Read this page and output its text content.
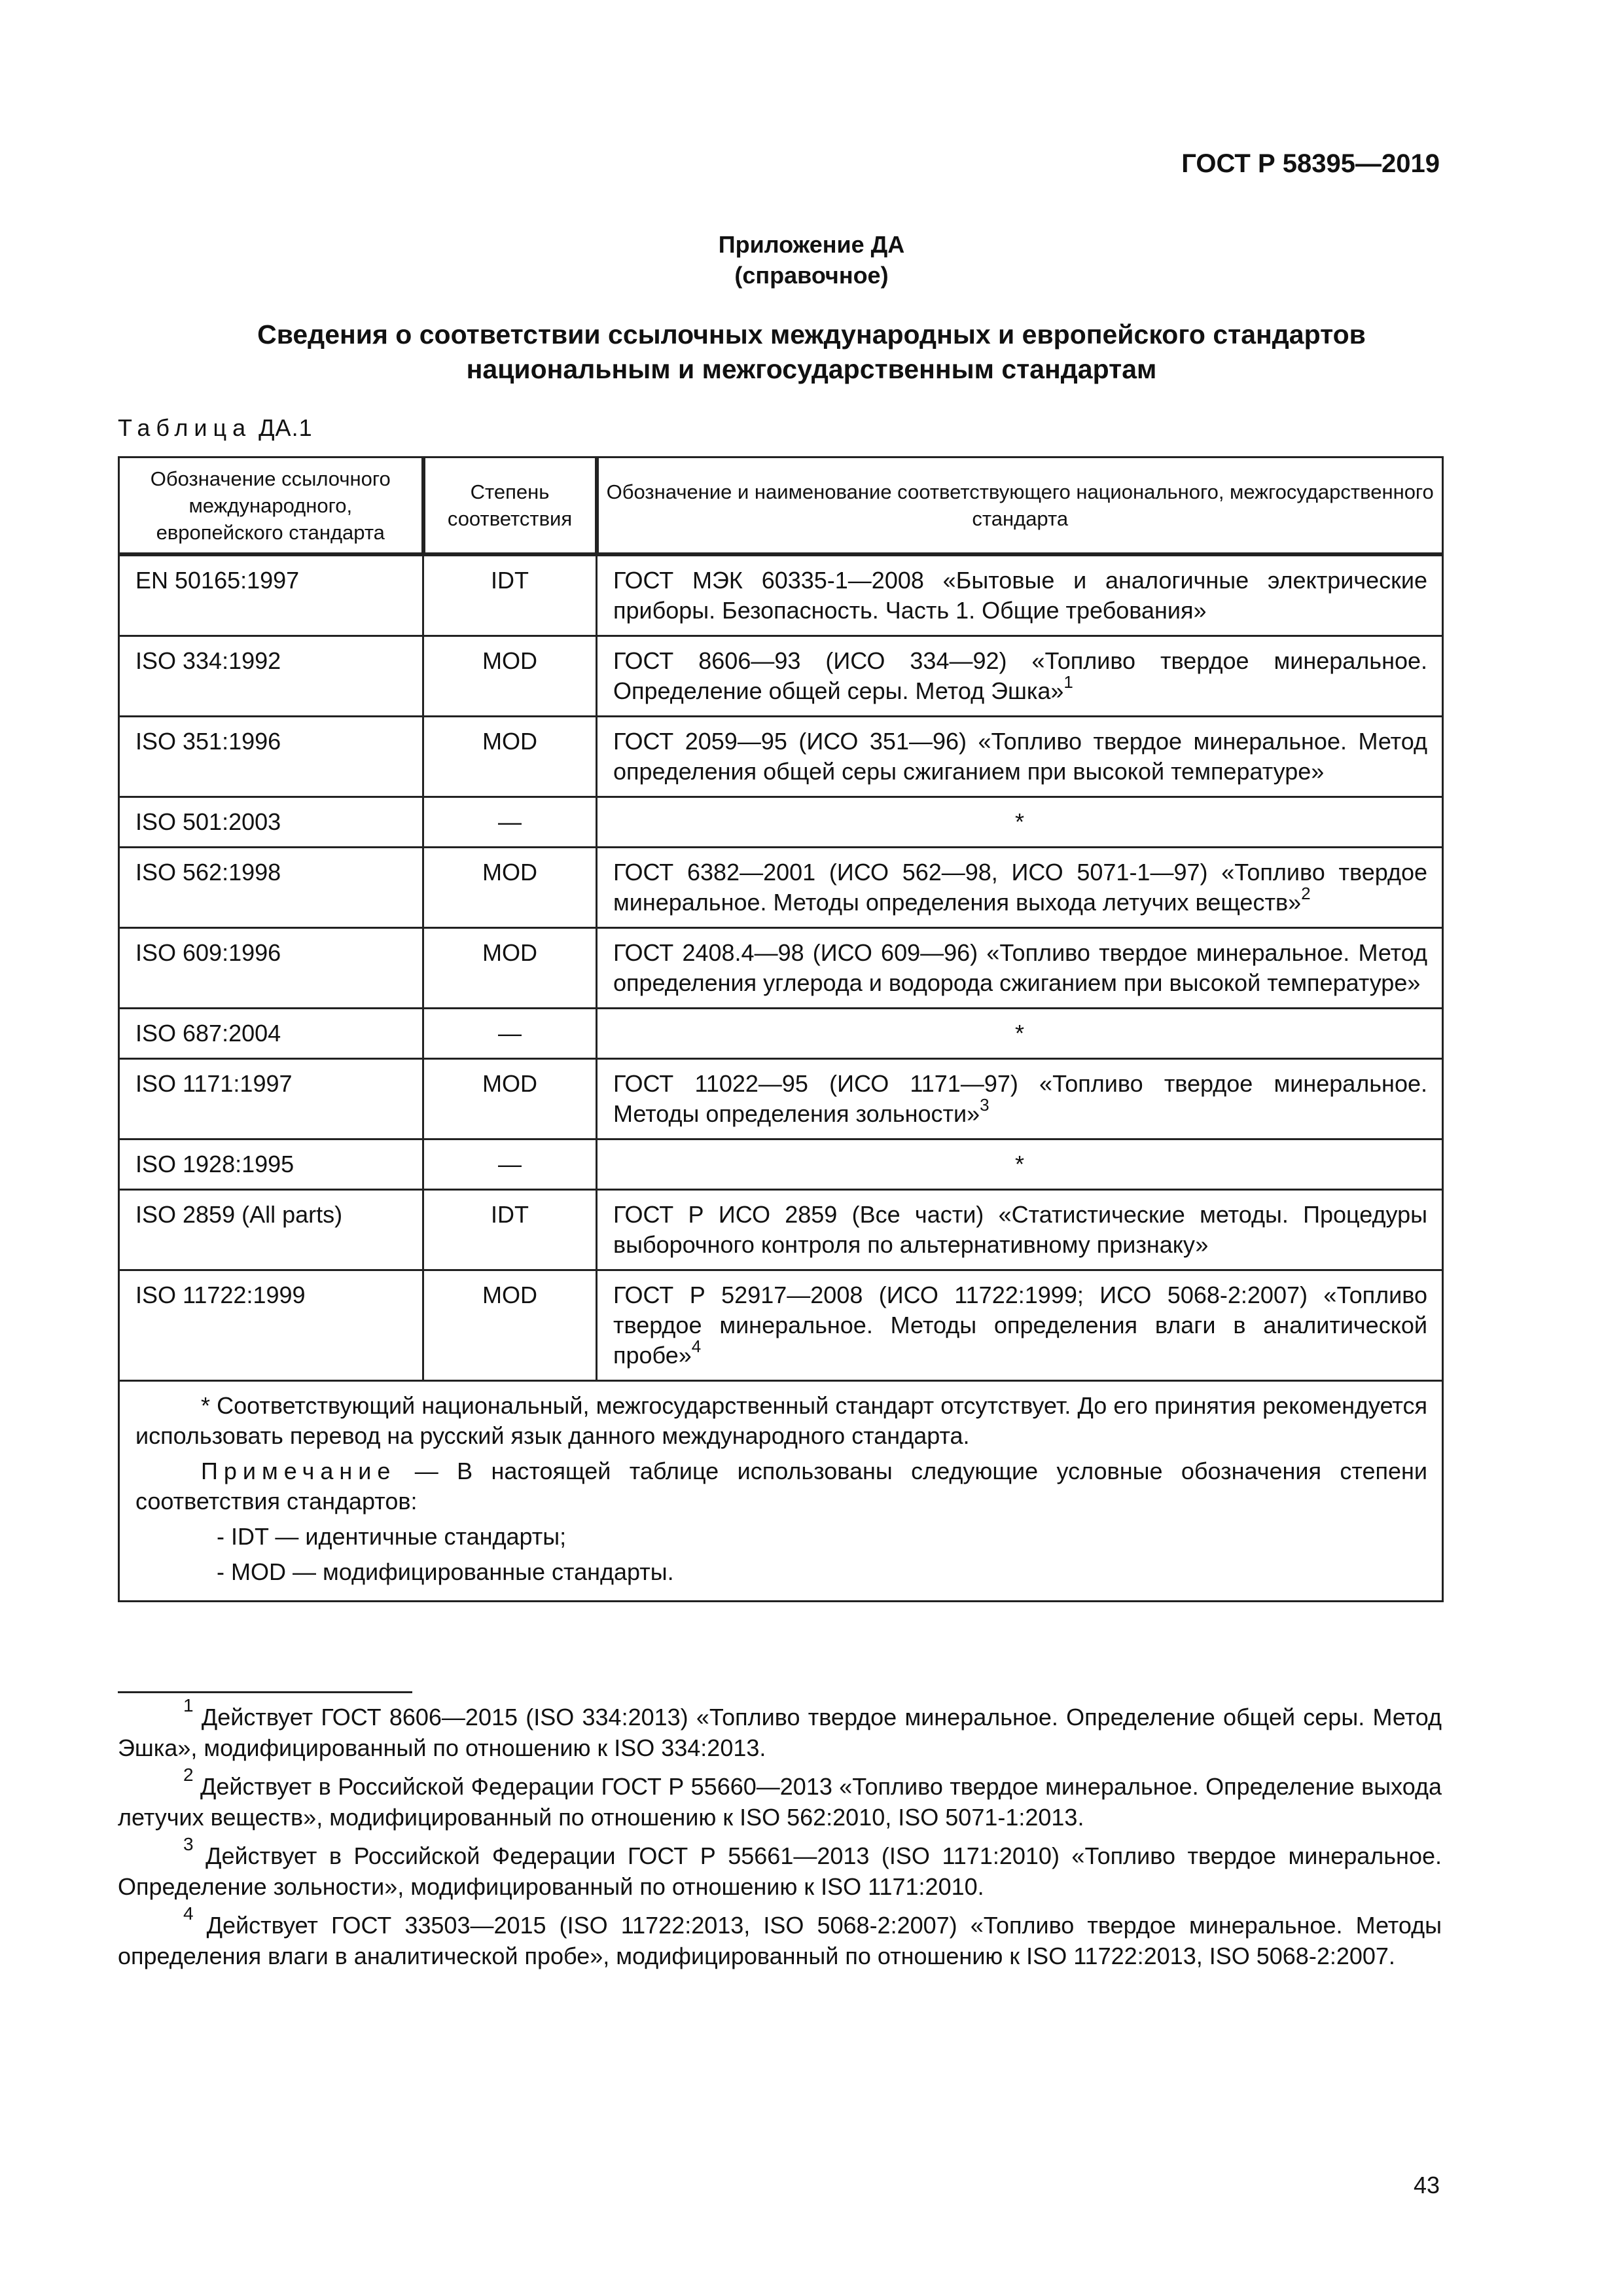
ГОСТ Р 58395—2019
Приложение ДА
(справочное)
Сведения о соответствии ссылочных международных и европейского стандартов
национальным и межгосударственным стандартам
Таблица ДА.1
Обозначение ссылочного международного, европейского стандарта	Степень соответствия	Обозначение и наименование соответствующего национального, межгосударственного стандарта
EN 50165:1997	IDT	ГОСТ МЭК 60335-1—2008 «Бытовые и аналогичные электрические приборы. Безопасность. Часть 1. Общие требования»
ISO 334:1992	MOD	ГОСТ 8606—93 (ИСО 334—92) «Топливо твердое минеральное. Определение общей серы. Метод Эшка»$^1$
ISO 351:1996	MOD	ГОСТ 2059—95 (ИСО 351—96) «Топливо твердое минеральное. Метод определения общей серы сжиганием при высокой температуре»
ISO 501:2003	—	*
ISO 562:1998	MOD	ГОСТ 6382—2001 (ИСО 562—98, ИСО 5071-1—97) «Топливо твердое минеральное. Методы определения выхода летучих веществ»$^2$
ISO 609:1996	MOD	ГОСТ 2408.4—98 (ИСО 609—96) «Топливо твердое минеральное. Метод определения углерода и водорода сжиганием при высокой температуре»
ISO 687:2004	—	*
ISO 1171:1997	MOD	ГОСТ 11022—95 (ИСО 1171—97) «Топливо твердое минеральное. Методы определения зольности»$^3$
ISO 1928:1995	—	*
ISO 2859 (All parts)	IDT	ГОСТ Р ИСО 2859 (Все части) «Статистические методы. Процедуры выборочного контроля по альтернативному признаку»
ISO 11722:1999	MOD	ГОСТ Р 52917—2008 (ИСО 11722:1999; ИСО 5068-2:2007) «Топливо твердое минеральное. Методы определения влаги в аналитической пробе»$^4$

* Соответствующий национальный, межгосударственный стандарт отсутствует. До его принятия рекомендуется использовать перевод на русский язык данного международного стандарта.

Примечание — В настоящей таблице использованы следующие условные обозначения степени соответствия стандартов:

- IDT — идентичные стандарты;
- MOD — модифицированные стандарты.		

$^1$ Действует ГОСТ 8606—2015 (ISO 334:2013) «Топливо твердое минеральное. Определение общей серы. Метод Эшка», модифицированный по отношению к ISO 334:2013.

$^2$ Действует в Российской Федерации ГОСТ Р 55660—2013 «Топливо твердое минеральное. Определение выхода летучих веществ», модифицированный по отношению к ISO 562:2010, ISO 5071-1:2013.

$^3$ Действует в Российской Федерации ГОСТ Р 55661—2013 (ISO 1171:2010) «Топливо твердое минеральное. Определение зольности», модифицированный по отношению к ISO 1171:2010.

$^4$ Действует ГОСТ 33503—2015 (ISO 11722:2013, ISO 5068-2:2007) «Топливо твердое минеральное. Методы определения влаги в аналитической пробе», модифицированный по отношению к ISO 11722:2013, ISO 5068-2:2007.

43
